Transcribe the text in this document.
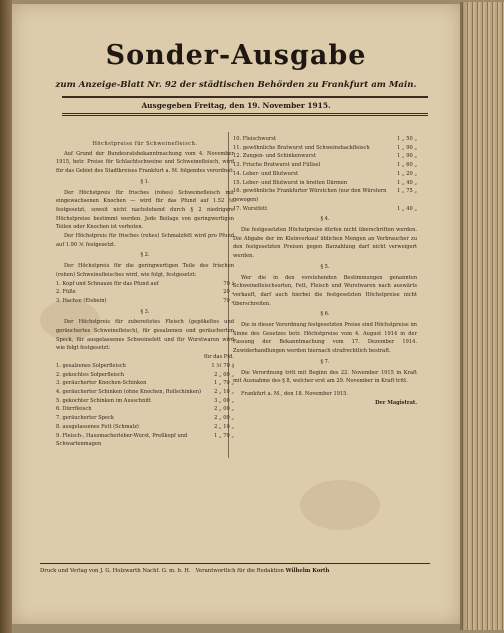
Sonder-Ausgabe
zum Anzeige-Blatt Nr. 92 der städtischen Behörden zu Frankfurt am Main.
Ausgegeben Freitag, den 19. November 1915.
Höchstpreise für Schweinefleisch.

Auf Grund der Bundesratsbekanntmachung vom 4. November 1915, betr. Preise für Schlachtschweine und Schweinefleisch, wird für das Gebiet des Stadtkreises Frankfurt a. M. folgendes verordnet:

§ 1.

Der Höchstpreis für frisches (rohes) Schweinefleisch mit eingewachsenen Knochen — wird für das Pfund auf 1.52 ℳ festgesetzt, soweit nicht nachstehend durch § 2 niedrigere Höchstpreise bestimmt werden. Jede Beilage von geringwertigen Teilen oder Knochen ist verboten.

Der Höchstpreis für frisches (rohes) Schmalzfett wird pro Pfund auf 1.90 ℳ festgesetzt.

§ 2.

Der Höchstpreis für die geringwertigen Teile des frischen (rohen) Schweinefleisches wird, wie folgt, festgesetzt:

1. Kopf und Schnauze für das Pfund auf	70 ₰
2. Füße	20 „
3. Hachse (Eisbein)	70 „
§ 3.

Der Höchstpreis für zubereitetes Fleisch (gepökeltes und geräuchertes Schweinefleisch), für gesalzenen und geräucherten Speck, für ausgelassenes Schweinefett und für Wurstwaren wird wie folgt festgesetzt:

für das Pfd.
1. gesalzenes Solperfleisch	1 ℳ 70 ₰
2. gekochtes Solperfleisch	2 „ 00 „
3. geräucherter Knochen-Schinken	1 „ 70 „
4. geräucherter Schinken (ohne Knochen, Rollschinken)	2 „ 10 „
5. gekochter Schinken im Ausschnitt	3 „ 00 „
6. Dürrfleisch	2 „ 00 „
7. geräucherter Speck	2 „ 00 „
8. ausgelassenes Fett (Schmalz)	2 „ 10 „
9. Fleisch-, Hausmacherleber-Wurst, Preßkopf und Schwartenmagen
1 „ 70 „
10. Fleischwurst	1 „ 50 „
11. gewöhnliche Bratwurst und Schweinshackfleisch	1 „ 90 „
12. Zungen- und Schinkenwurst	1 „ 90 „
13. Frische Bratwurst und Füllsel	1 „ 60 „
14. Leber- und Blutwurst	1 „ 20 „
15. Leber- und Blutwurst in breiten Därmen	1 „ 40 „
16. gewöhnliche Frankfurter Würstchen (nur den Würstern gewogen)
1 „ 75 „
17. Wurstfett	1 „ 40 „
§ 4.

Die festgesetzten Höchstpreise dürfen nicht überschritten werden. Die Abgabe der im Kleinverkauf üblichen Mengen an Verbraucher zu den festgesetzten Preisen gegen Barzahlung darf nicht verweigert werden.

§ 5.

Wer die in den vorstehenden Bestimmungen genannten Schweinefleischsorten, Fett, Fleisch und Wurstwaren nach auswärts verkauft, darf auch hierbei die festgesetzten Höchstpreise nicht überschreiten.

§ 6.

Die in dieser Verordnung festgesetzten Preise sind Höchstpreise im Sinne des Gesetzes betr. Höchstpreise vom 4. August 1914 in der Fassung der Bekanntmachung vom 17. Dezember 1914. Zuwiderhandlungen werden hiernach strafrechtlich bestraft.

§ 7.

Die Verordnung tritt mit Beginn des 22. November 1915 in Kraft mit Ausnahme des § 8, welcher erst am 29. November in Kraft tritt.

Frankfurt a. M., den 18. November 1915.

Der Magistrat.
Druck und Verlag von J. G. Holzwarth Nachf. G. m. b. H. Verantwortlich für die Redaktion Wilhelm Korth
